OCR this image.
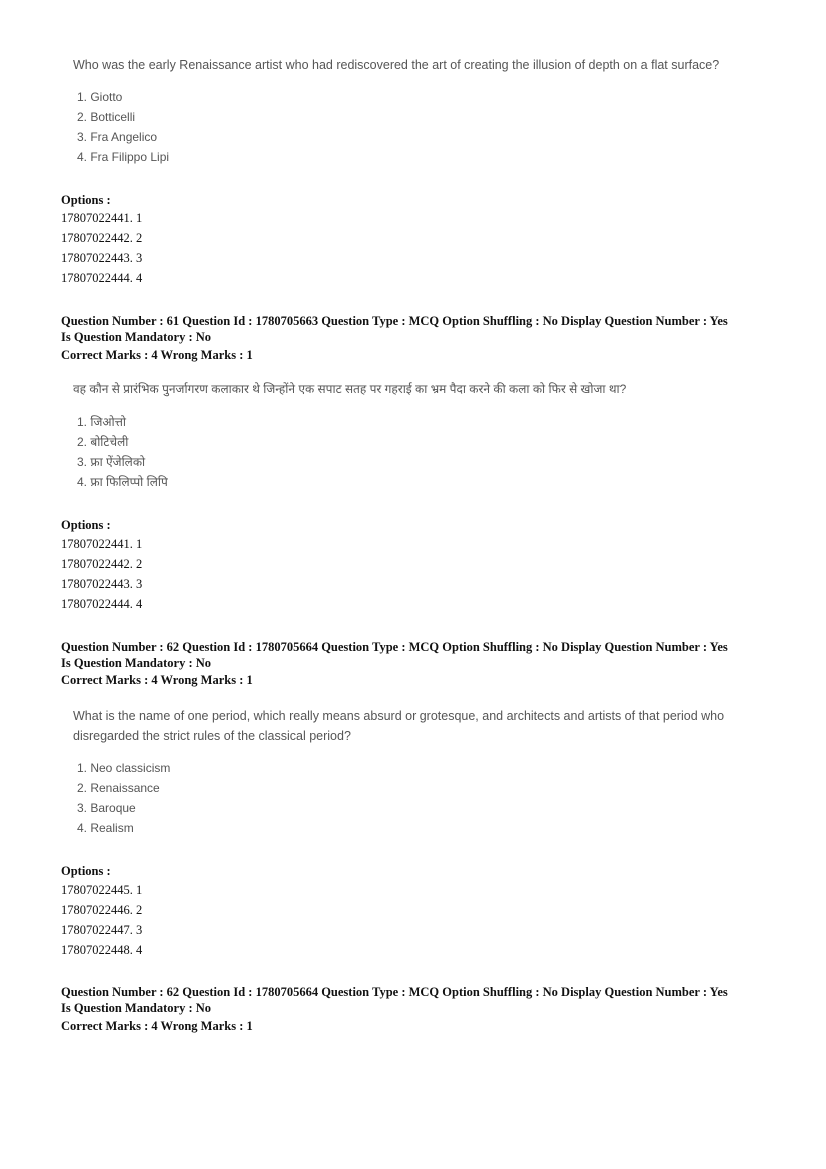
Who was the early Renaissance artist who had rediscovered the art of creating the illusion of depth on a flat surface?
1. Giotto
2. Botticelli
3. Fra Angelico
4. Fra Filippo Lipi
Options :
17807022441. 1
17807022442. 2
17807022443. 3
17807022444. 4
Question Number : 61 Question Id : 1780705663 Question Type : MCQ Option Shuffling : No Display Question Number : Yes
Is Question Mandatory : No
Correct Marks : 4 Wrong Marks : 1
वह कौन से प्रारंभिक पुनर्जागरण कलाकार थे जिन्होंने एक सपाट सतह पर गहराई का भ्रम पैदा करने की कला को फिर से खोजा था?
1. जिओत्तो
2. बोटिचेली
3. फ्रा ऐंजेलिको
4. फ्रा फिलिप्पो लिपि
Options :
17807022441. 1
17807022442. 2
17807022443. 3
17807022444. 4
Question Number : 62 Question Id : 1780705664 Question Type : MCQ Option Shuffling : No Display Question Number : Yes
Is Question Mandatory : No
Correct Marks : 4 Wrong Marks : 1
What is the name of one period, which really means absurd or grotesque, and architects and artists of that period who
disregarded the strict rules of the classical period?
1. Neo classicism
2. Renaissance
3. Baroque
4. Realism
Options :
17807022445. 1
17807022446. 2
17807022447. 3
17807022448. 4
Question Number : 62 Question Id : 1780705664 Question Type : MCQ Option Shuffling : No Display Question Number : Yes
Is Question Mandatory : No
Correct Marks : 4 Wrong Marks : 1
